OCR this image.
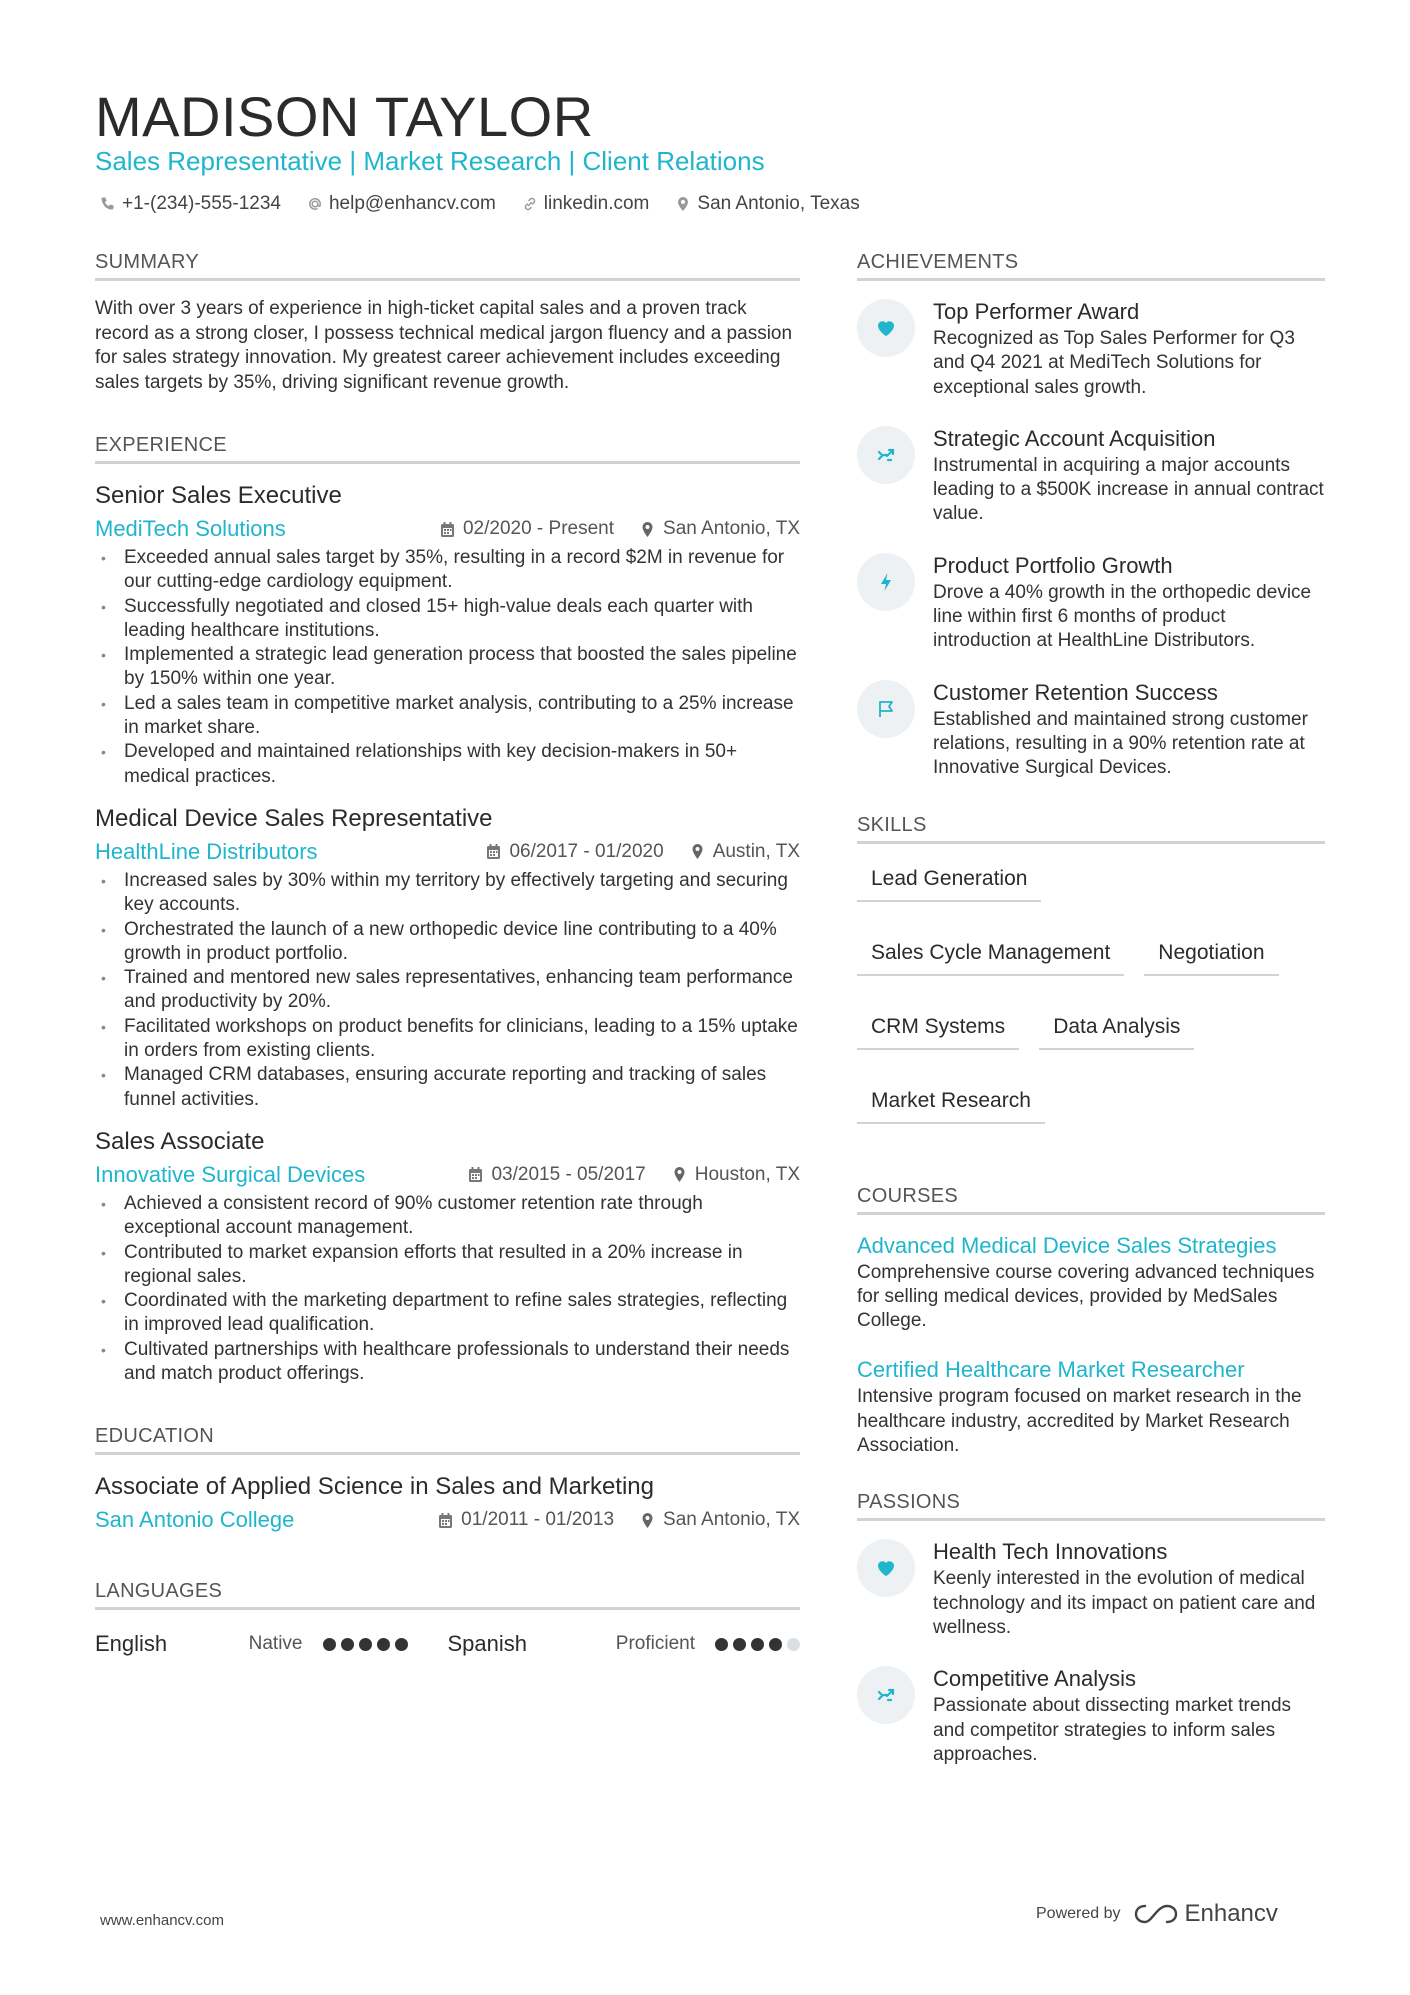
MADISON TAYLOR
Sales Representative | Market Research | Client Relations
+1-(234)-555-1234	help@enhancv.com	linkedin.com	San Antonio, Texas
SUMMARY

With over 3 years of experience in high-ticket capital sales and a proven track record as a strong closer, I possess technical medical jargon fluency and a passion for sales strategy innovation. My greatest career achievement includes exceeding sales targets by 35%, driving significant revenue growth.

EXPERIENCE
Senior Sales Executive
MediTech Solutions	02/2020 - Present	San Antonio, TX
• Exceeded annual sales target by 35%, resulting in a record $2M in revenue for our cutting-edge cardiology equipment.
• Successfully negotiated and closed 15+ high-value deals each quarter with leading healthcare institutions.
• Implemented a strategic lead generation process that boosted the sales pipeline by 150% within one year.
• Led a sales team in competitive market analysis, contributing to a 25% increase in market share.
• Developed and maintained relationships with key decision-makers in 50+ medical practices.
Medical Device Sales Representative
HealthLine Distributors	06/2017 - 01/2020	Austin, TX
• Increased sales by 30% within my territory by effectively targeting and securing key accounts.
• Orchestrated the launch of a new orthopedic device line contributing to a 40% growth in product portfolio.
• Trained and mentored new sales representatives, enhancing team performance and productivity by 20%.
• Facilitated workshops on product benefits for clinicians, leading to a 15% uptake in orders from existing clients.
• Managed CRM databases, ensuring accurate reporting and tracking of sales funnel activities.
Sales Associate
Innovative Surgical Devices	03/2015 - 05/2017	Houston, TX
• Achieved a consistent record of 90% customer retention rate through exceptional account management.
• Contributed to market expansion efforts that resulted in a 20% increase in regional sales.
• Coordinated with the marketing department to refine sales strategies, reflecting in improved lead qualification.
• Cultivated partnerships with healthcare professionals to understand their needs and match product offerings.
EDUCATION
Associate of Applied Science in Sales and Marketing
San Antonio College	01/2011 - 01/2013	San Antonio, TX
LANGUAGES
English	Native	Spanish	Proficient
ACHIEVEMENTS
Top Performer Award
Recognized as Top Sales Performer for Q3 and Q4 2021 at MediTech Solutions for exceptional sales growth.
Strategic Account Acquisition
Instrumental in acquiring a major accounts leading to a $500K increase in annual contract value.
Product Portfolio Growth
Drove a 40% growth in the orthopedic device line within first 6 months of product introduction at HealthLine Distributors.
Customer Retention Success
Established and maintained strong customer relations, resulting in a 90% retention rate at Innovative Surgical Devices.
SKILLS
Lead Generation
Sales Cycle Management	Negotiation
CRM Systems	Data Analysis
Market Research
COURSES
Advanced Medical Device Sales Strategies
Comprehensive course covering advanced techniques for selling medical devices, provided by MedSales College.
Certified Healthcare Market Researcher
Intensive program focused on market research in the healthcare industry, accredited by Market Research Association.
PASSIONS
Health Tech Innovations
Keenly interested in the evolution of medical technology and its impact on patient care and wellness.
Competitive Analysis
Passionate about dissecting market trends and competitor strategies to inform sales approaches.
www.enhancv.com	Powered by	Enhancv
